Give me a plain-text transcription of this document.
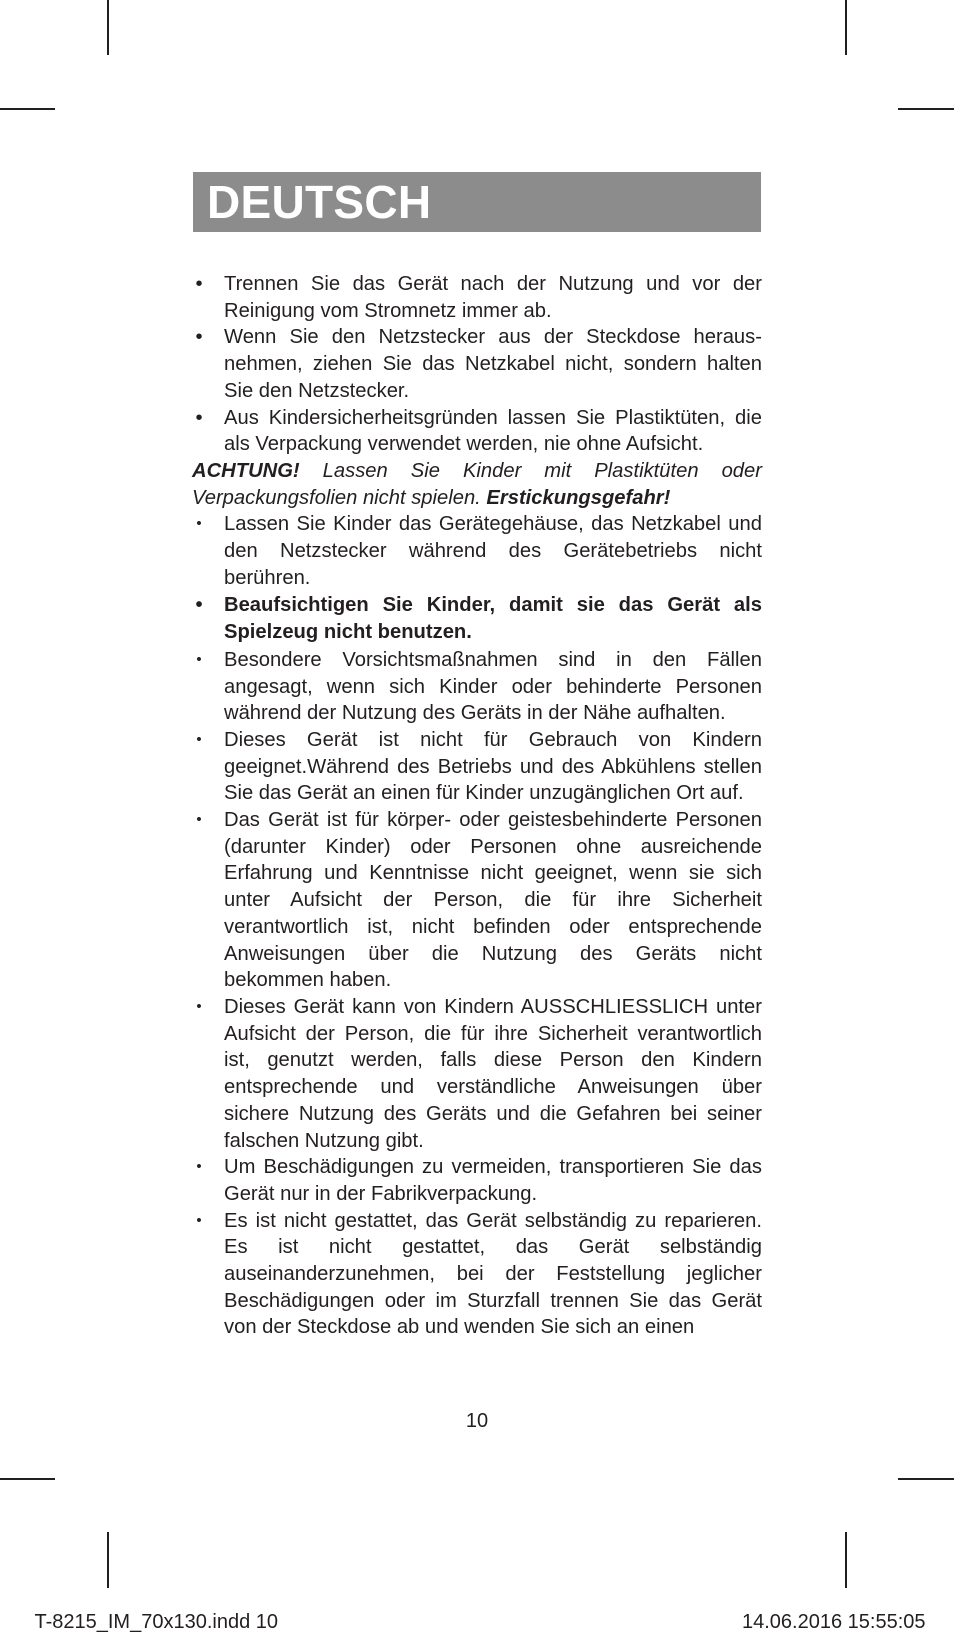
DEUTSCH
• Trennen Sie das Gerät nach der Nutzung und vor der Reinigung vom Stromnetz immer ab.
• Wenn Sie den Netzstecker aus der Steckdose herausnehmen, ziehen Sie das Netzkabel nicht, sondern halten Sie den Netzstecker.
• Aus Kindersicherheitsgründen lassen Sie Plastiktüten, die als Verpackung verwendet werden, nie ohne Aufsicht.
ACHTUNG! Lassen Sie Kinder mit Plastiktüten oder Verpackungsfolien nicht spielen. Erstickungsgefahr!
• Lassen Sie Kinder das Gerätegehäuse, das Netzkabel und den Netzstecker während des Gerätebetriebs nicht berühren.
• Beaufsichtigen Sie Kinder, damit sie das Gerät als Spielzeug nicht benutzen.
• Besondere Vorsichtsmaßnahmen sind in den Fällen angesagt, wenn sich Kinder oder behinderte Personen während der Nutzung des Geräts in der Nähe aufhalten.
• Dieses Gerät ist nicht für Gebrauch von Kindern geeignet.Während des Betriebs und des Abkühlens stellen Sie das Gerät an einen für Kinder unzugänglichen Ort auf.
• Das Gerät ist für körper- oder geistesbehinderte Personen (darunter Kinder) oder Personen ohne ausreichende Erfahrung und Kenntnisse nicht geeignet, wenn sie sich unter Aufsicht der Person, die für ihre Sicherheit verantwortlich ist, nicht befinden oder entsprechende Anweisungen über die Nutzung des Geräts nicht bekommen haben.
• Dieses Gerät kann von Kindern AUSSCHLIESSLICH unter Aufsicht der Person, die für ihre Sicherheit verantwortlich ist, genutzt werden, falls diese Person den Kindern entsprechende und verständliche Anweisungen über sichere Nutzung des Geräts und die Gefahren bei seiner falschen Nutzung gibt.
• Um Beschädigungen zu vermeiden, transportieren Sie das Gerät nur in der Fabrikverpackung.
• Es ist nicht gestattet, das Gerät selbständig zu reparieren. Es ist nicht gestattet, das Gerät selbständig auseinanderzunehmen, bei der Feststellung jeglicher Beschädigungen oder im Sturzfall trennen Sie das Gerät von der Steckdose ab und wenden Sie sich an einen
10
T-8215_IM_70x130.indd 10	14.06.2016 15:55:05
